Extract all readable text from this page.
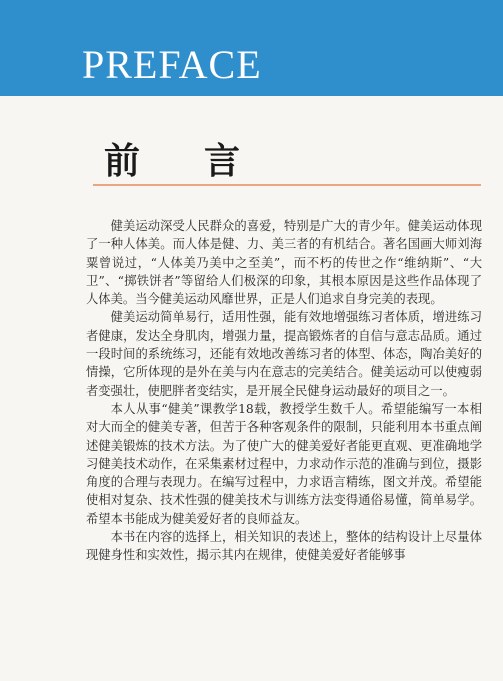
PREFACE
前 言

健美运动深受人民群众的喜爱，特别是广大的青少年。健美运动体现了一种人体美。而人体是健、力、美三者的有机结合。著名国画大师刘海粟曾说过，“人体美乃美中之至美”，而不朽的传世之作“维纳斯”、“大卫”、“掷铁饼者”等留给人们极深的印象，其根本原因是这些作品体现了人体美。当今健美运动风靡世界，正是人们追求自身完美的表现。

健美运动简单易行，适用性强，能有效地增强练习者体质，增进练习者健康，发达全身肌肉，增强力量，提高锻炼者的自信与意志品质。通过一段时间的系统练习，还能有效地改善练习者的体型、体态，陶冶美好的情操，它所体现的是外在美与内在意志的完美结合。健美运动可以使瘦弱者变强壮，使肥胖者变结实，是开展全民健身运动最好的项目之一。

本人从事“健美”课教学18载，教授学生数千人。希望能编写一本相对大而全的健美专著，但苦于各种客观条件的限制，只能利用本书重点阐述健美锻炼的技术方法。为了使广大的健美爱好者能更直观、更准确地学习健美技术动作，在采集素材过程中，力求动作示范的准确与到位，摄影角度的合理与表现力。在编写过程中，力求语言精练，图文并茂。希望能使相对复杂、技术性强的健美技术与训练方法变得通俗易懂，简单易学。希望本书能成为健美爱好者的良师益友。

本书在内容的选择上，相关知识的表述上，整体的结构设计上尽量体现健身性和实效性，揭示其内在规律，使健美爱好者能够事
